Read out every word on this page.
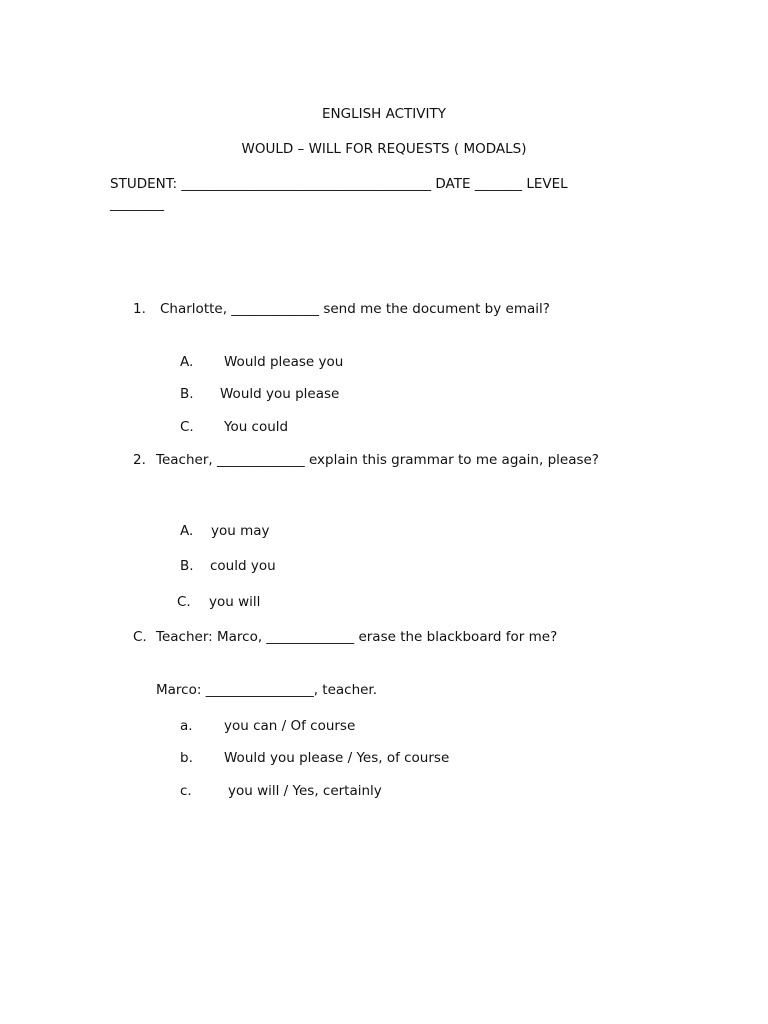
ENGLISH ACTIVITY
WOULD – WILL FOR REQUESTS ( MODALS)
STUDENT: _____________________________________ DATE _______ LEVEL
________
1. Charlotte, _____________ send me the document by email?
A. Would please you
B. Would you please
C. You could
2. Teacher, _____________ explain this grammar to me again, please?
A. you may
B. could you
C. you will
C. Teacher: Marco, _____________ erase the blackboard for me?
Marco: ________________, teacher.
a. you can / Of course
b. Would you please / Yes, of course
c.	you will / Yes, certainly
